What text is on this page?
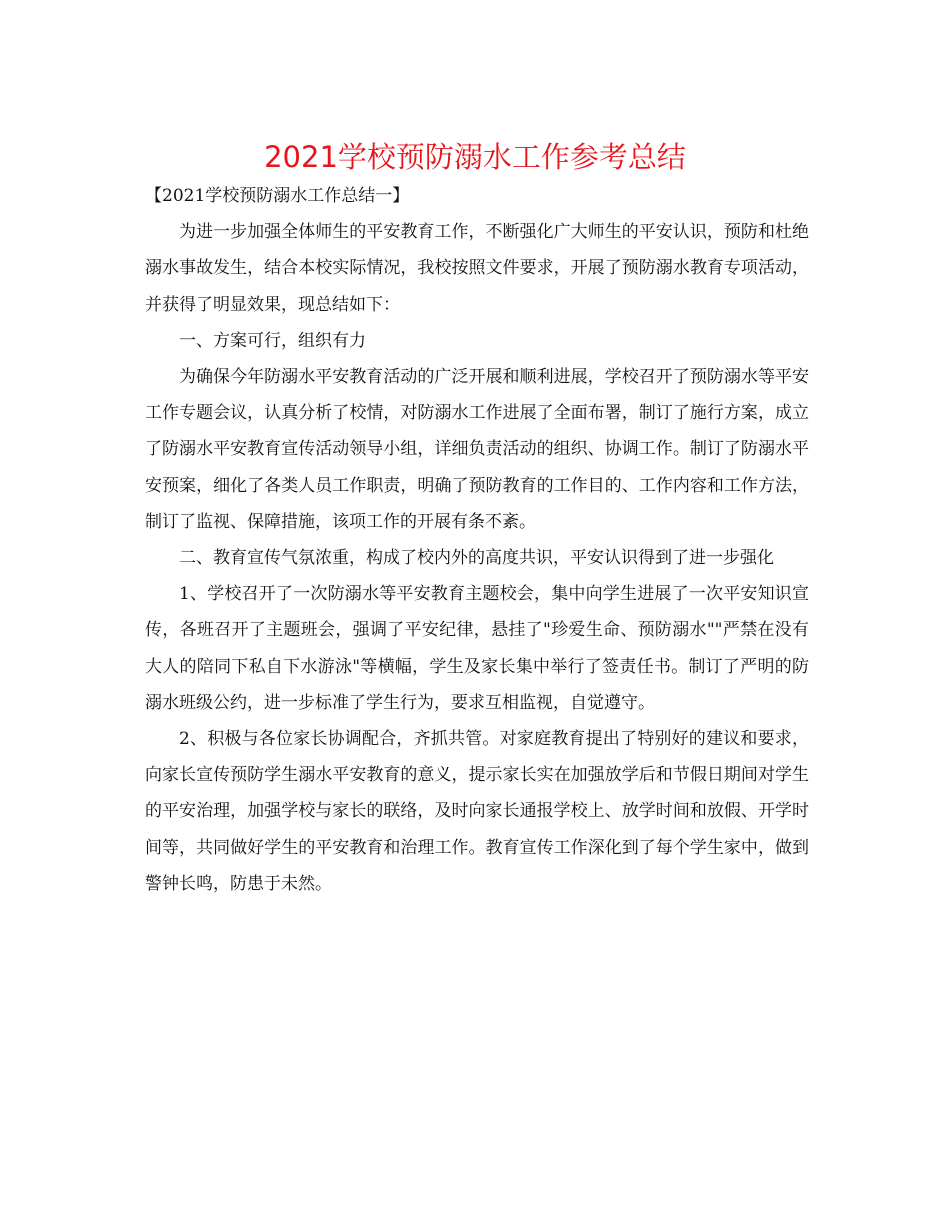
2021学校预防溺水工作参考总结

【2021学校预防溺水工作总结一】

为进一步加强全体师生的平安教育工作，不断强化广大师生的平安认识，预防和杜绝溺水事故发生，结合本校实际情况，我校按照文件要求，开展了预防溺水教育专项活动，并获得了明显效果，现总结如下：

一、方案可行，组织有力

为确保今年防溺水平安教育活动的广泛开展和顺利进展，学校召开了预防溺水等平安工作专题会议，认真分析了校情，对防溺水工作进展了全面布署，制订了施行方案，成立了防溺水平安教育宣传活动领导小组，详细负责活动的组织、协调工作。制订了防溺水平安预案，细化了各类人员工作职责，明确了预防教育的工作目的、工作内容和工作方法，制订了监视、保障措施，该项工作的开展有条不紊。

二、教育宣传气氛浓重，构成了校内外的高度共识，平安认识得到了进一步强化

1、学校召开了一次防溺水等平安教育主题校会，集中向学生进展了一次平安知识宣传，各班召开了主题班会，强调了平安纪律，悬挂了"珍爱生命、预防溺水""严禁在没有大人的陪同下私自下水游泳"等横幅，学生及家长集中举行了签责任书。制订了严明的防溺水班级公约，进一步标准了学生行为，要求互相监视，自觉遵守。

2、积极与各位家长协调配合，齐抓共管。对家庭教育提出了特别好的建议和要求，向家长宣传预防学生溺水平安教育的意义，提示家长实在加强放学后和节假日期间对学生的平安治理，加强学校与家长的联络，及时向家长通报学校上、放学时间和放假、开学时间等，共同做好学生的平安教育和治理工作。教育宣传工作深化到了每个学生家中，做到警钟长鸣，防患于未然。
